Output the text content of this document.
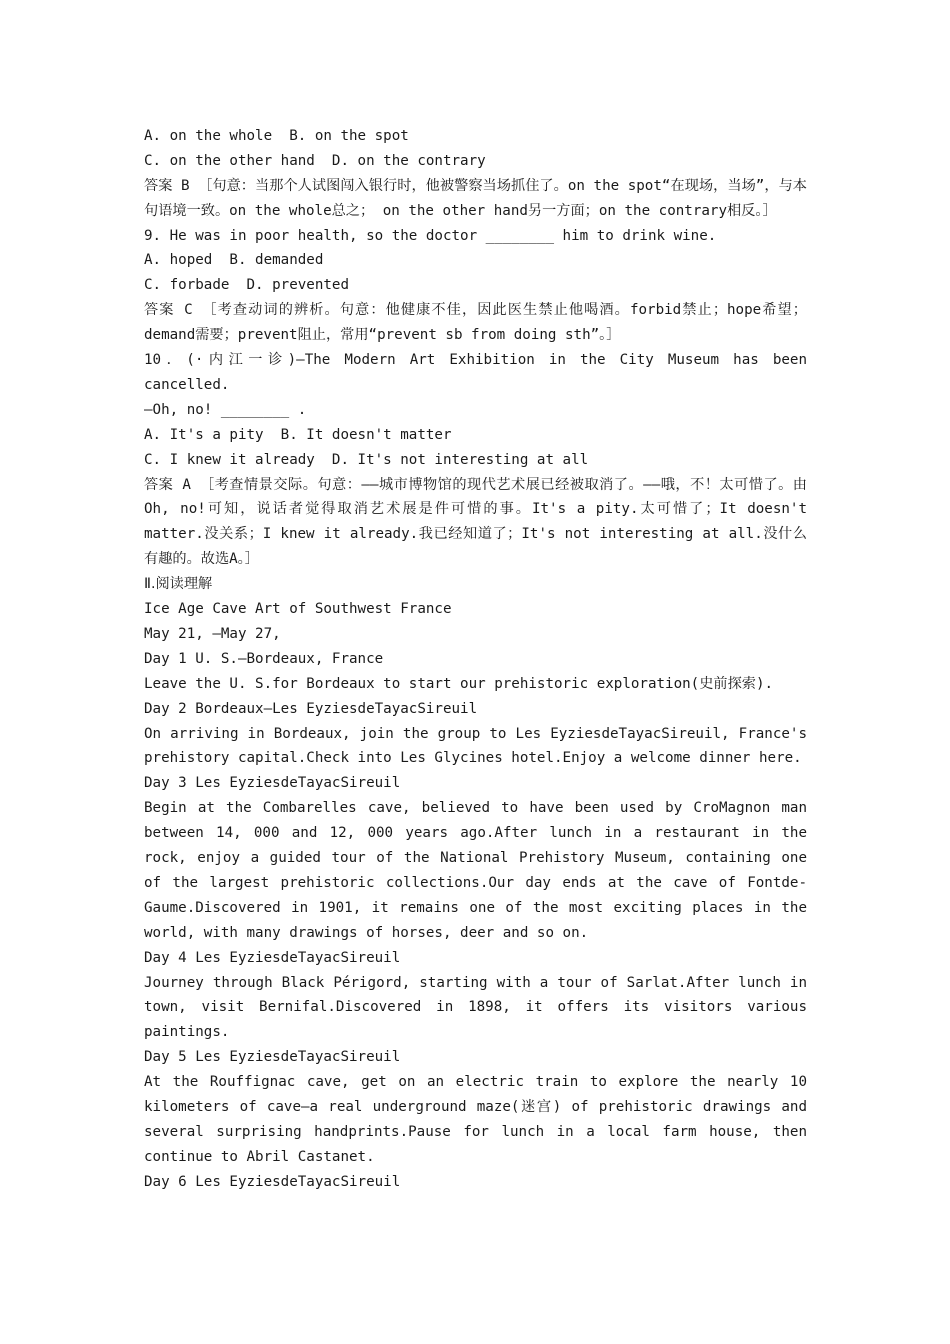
A. on the whole  B. on the spot
C. on the other hand  D. on the contrary
答案 B ［句意：当那个人试图闯入银行时，他被警察当场抓住了。on the spot“在现场，当场”，与本句语境一致。on the whole总之； on the other hand另一方面；on the contrary相反。］
9. He was in poor health, so the doctor ________ him to drink wine.
A. hoped  B. demanded
C. forbade  D. prevented
答案 C ［考查动词的辨析。句意：他健康不佳，因此医生禁止他喝酒。forbid禁止；hope希望；demand需要；prevent阻止，常用“prevent sb from doing sth”。］
10．(·内江一诊)—The Modern Art Exhibition in the City Museum has been cancelled.
—Oh, no! ________ .
A. It's a pity  B. It doesn't matter
C. I knew it already  D. It's not interesting at all
答案 A ［考查情景交际。句意：——城市博物馆的现代艺术展已经被取消了。——哦，不！太可惜了。由Oh, no!可知，说话者觉得取消艺术展是件可惜的事。It's a pity.太可惜了；It doesn't matter.没关系；I knew it already.我已经知道了；It's not interesting at all.没什么有趣的。故选A。］
Ⅱ.阅读理解
Ice Age Cave Art of Southwest France
May 21, —May 27,
Day 1 U. S.—Bordeaux, France
Leave the U. S.for Bordeaux to start our prehistoric exploration(史前探索).
Day 2 Bordeaux—Les EyziesdeTayacSireuil
On arriving in Bordeaux, join the group to Les EyziesdeTayacSireuil, France's prehistory capital.Check into Les Glycines hotel.Enjoy a welcome dinner here.
Day 3 Les EyziesdeTayacSireuil
Begin at the Combarelles cave, believed to have been used by CroMagnon man between 14, 000 and 12, 000 years ago.After lunch in a restaurant in the rock, enjoy a guided tour of the National Prehistory Museum, containing one of the largest prehistoric collections.Our day ends at the cave of Fontde-Gaume.Discovered in 1901, it remains one of the most exciting places in the world, with many drawings of horses, deer and so on.
Day 4 Les EyziesdeTayacSireuil
Journey through Black Périgord, starting with a tour of Sarlat.After lunch in town, visit Bernifal.Discovered in 1898, it offers its visitors various paintings.
Day 5 Les EyziesdeTayacSireuil
At the Rouffignac cave, get on an electric train to explore the nearly 10 kilometers of cave—a real underground maze(迷宫) of prehistoric drawings and several surprising handprints.Pause for lunch in a local farm house, then continue to Abril Castanet.
Day 6 Les EyziesdeTayacSireuil
